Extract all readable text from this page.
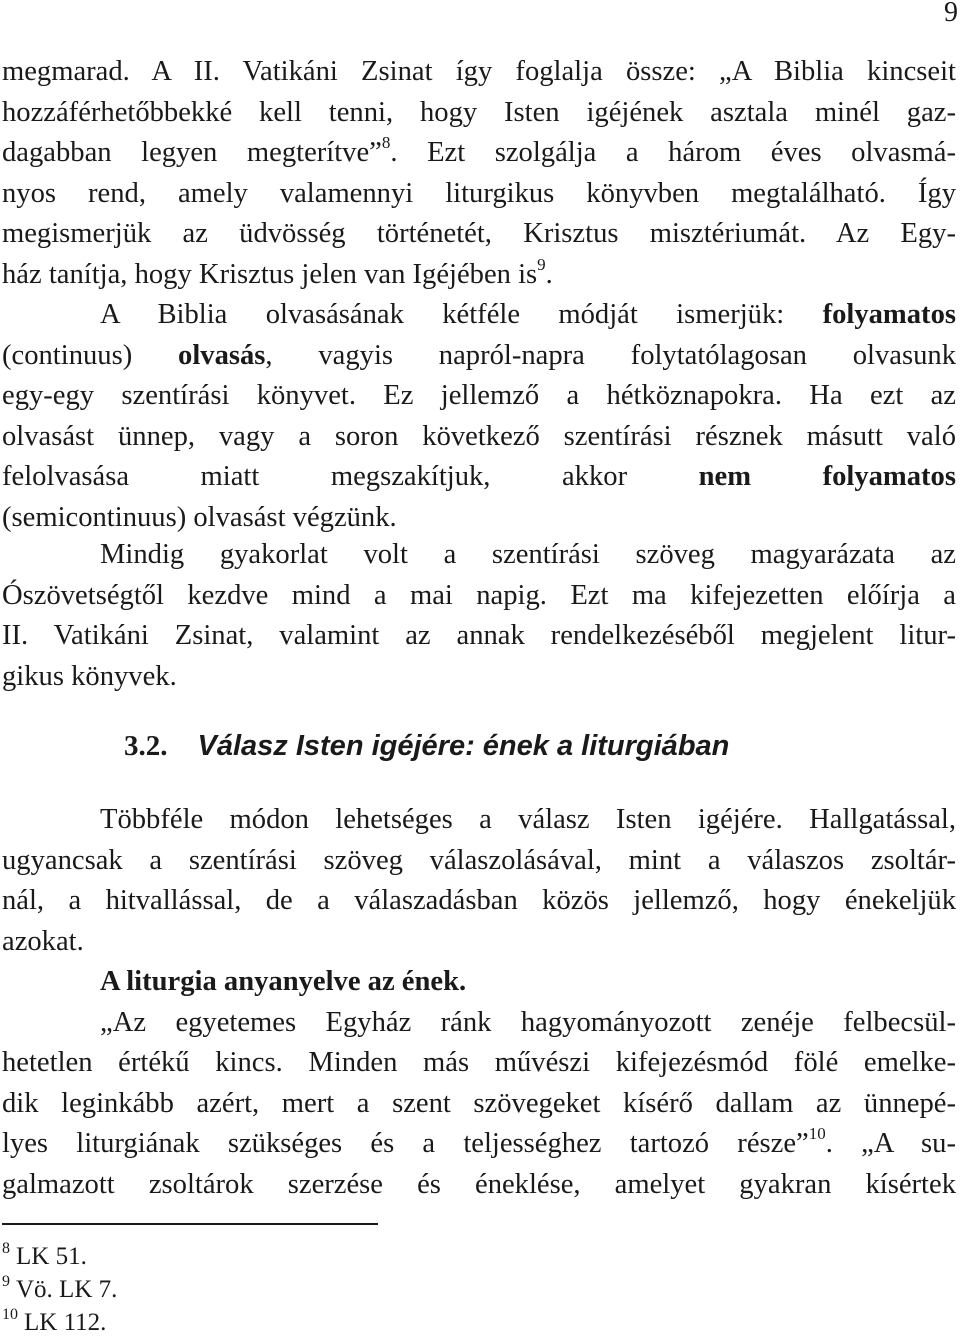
9
megmarad. A II. Vatikáni Zsinat így foglalja össze: „A Biblia kincseit
hozzáférhetőbbekké kell tenni, hogy Isten igéjének asztala minél gaz-
dagabban legyen megterítve”$^8$. Ezt szolgálja a három éves olvasmá-
nyos rend, amely valamennyi liturgikus könyvben megtalálható. Így
megismerjük az üdvösség történetét, Krisztus misztériumát. Az Egy-
ház tanítja, hogy Krisztus jelen van Igéjében $is^9$.
A Biblia olvasásának kétféle módját ismerjük: folyamatos
(continuus) olvasás, vagyis napról-napra folytatólagosan olvasunk
egy-egy szentírási könyvet. Ez jellemző a hétköznapokra. Ha ezt az
olvasást ünnep, vagy a soron következő szentírási résznek másutt való
felolvasása miatt megszakítjuk, akkor nem folyamatos
(semicontinuus) olvasást végzünk.
Mindig gyakorlat volt a szentírási szöveg magyarázata az
Ószövetségtől kezdve mind a mai napig. Ezt ma kifejezetten előírja a
II. Vatikáni Zsinat, valamint az annak rendelkezéséből megjelent litur-
gikus könyvek.
3.2. Válasz Isten igéjére: ének a liturgiában
Többféle módon lehetséges a válasz Isten igéjére. Hallgatással,
ugyancsak a szentírási szöveg válaszolásával, mint a válaszos zsoltár-
nál, a hitvallással, de a válaszadásban közös jellemző, hogy énekeljük
azokat.
A liturgia anyanyelve az ének.
„Az egyetemes Egyház ránk hagyományozott zenéje felbecsül-
hetetlen értékű kincs. Minden más művészi kifejezésmód fölé emelke-
dik leginkább azért, mert a szent szövegeket kísérő dallam az ünnepé-
lyes liturgiának szükséges és a teljességhez tartozó része”$^{10}$. „A su-
galmazott zsoltárok szerzése és éneklése, amelyet gyakran kísértek
$^8$ LK 51.
$^9$ Vö. LK 7.
$^{10}$ LK 112.
